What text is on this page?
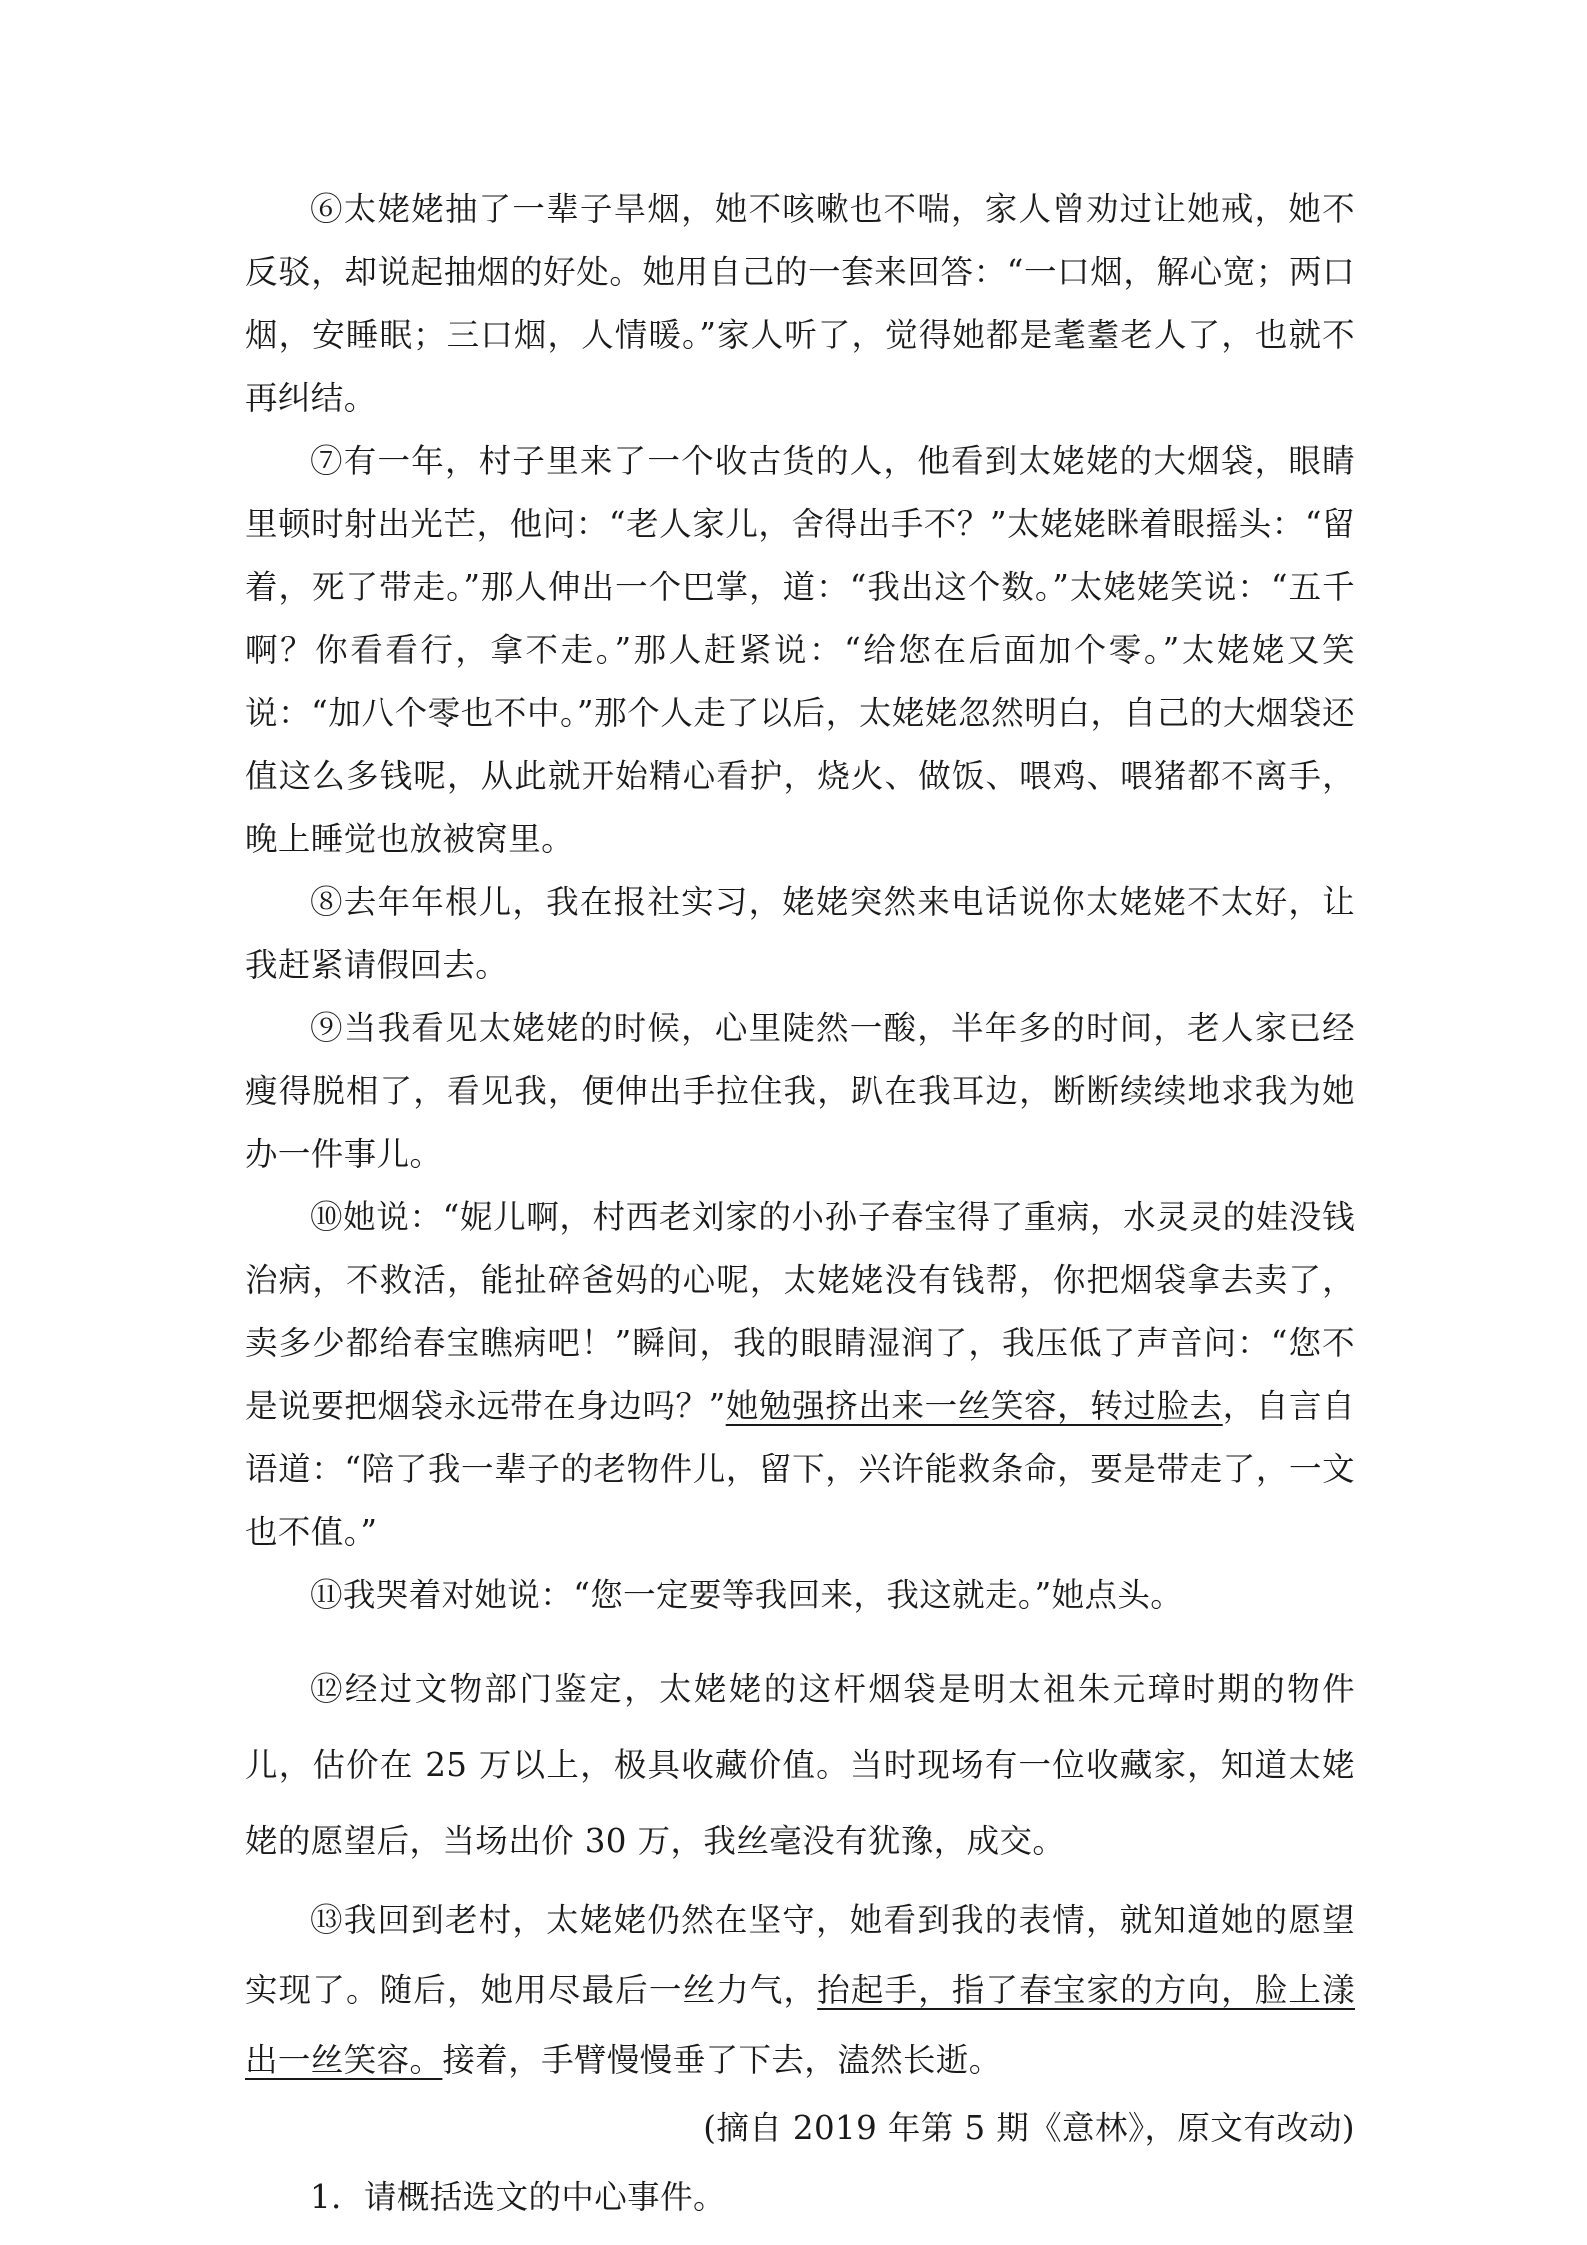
⑥太姥姥抽了一辈子旱烟，她不咳嗽也不喘，家人曾劝过让她戒，她不反驳，却说起抽烟的好处。她用自己的一套来回答：“一口烟，解心宽；两口烟，安睡眠；三口烟，人情暖。”家人听了，觉得她都是耄耋老人了，也就不再纠结。

⑦有一年，村子里来了一个收古货的人，他看到太姥姥的大烟袋，眼睛里顿时射出光芒，他问：“老人家儿，舍得出手不？”太姥姥眯着眼摇头：“留着，死了带走。”那人伸出一个巴掌，道：“我出这个数。”太姥姥笑说：“五千啊？你看看行，拿不走。”那人赶紧说：“给您在后面加个零。”太姥姥又笑说：“加八个零也不中。”那个人走了以后，太姥姥忽然明白，自己的大烟袋还值这么多钱呢，从此就开始精心看护，烧火、做饭、喂鸡、喂猪都不离手，晚上睡觉也放被窝里。

⑧去年年根儿，我在报社实习，姥姥突然来电话说你太姥姥不太好，让我赶紧请假回去。

⑨当我看见太姥姥的时候，心里陡然一酸，半年多的时间，老人家已经瘦得脱相了，看见我，便伸出手拉住我，趴在我耳边，断断续续地求我为她办一件事儿。

⑩她说：“妮儿啊，村西老刘家的小孙子春宝得了重病，水灵灵的娃没钱治病，不救活，能扯碎爸妈的心呢，太姥姥没有钱帮，你把烟袋拿去卖了，卖多少都给春宝瞧病吧！”瞬间，我的眼睛湿润了，我压低了声音问：“您不是说要把烟袋永远带在身边吗？”她勉强挤出来一丝笑容，转过脸去，自言自语道：“陪了我一辈子的老物件儿，留下，兴许能救条命，要是带走了，一文也不值。”

⑪我哭着对她说：“您一定要等我回来，我这就走。”她点头。

⑫经过文物部门鉴定，太姥姥的这杆烟袋是明太祖朱元璋时期的物件儿，估价在 25 万以上，极具收藏价值。当时现场有一位收藏家，知道太姥姥的愿望后，当场出价 30 万，我丝毫没有犹豫，成交。

⑬我回到老村，太姥姥仍然在坚守，她看到我的表情，就知道她的愿望实现了。随后，她用尽最后一丝力气，抬起手，指了春宝家的方向，脸上漾出一丝笑容。接着，手臂慢慢垂了下去，溘然长逝。

(摘自 2019 年第 5 期《意林》，原文有改动)

1．请概括选文的中心事件。
